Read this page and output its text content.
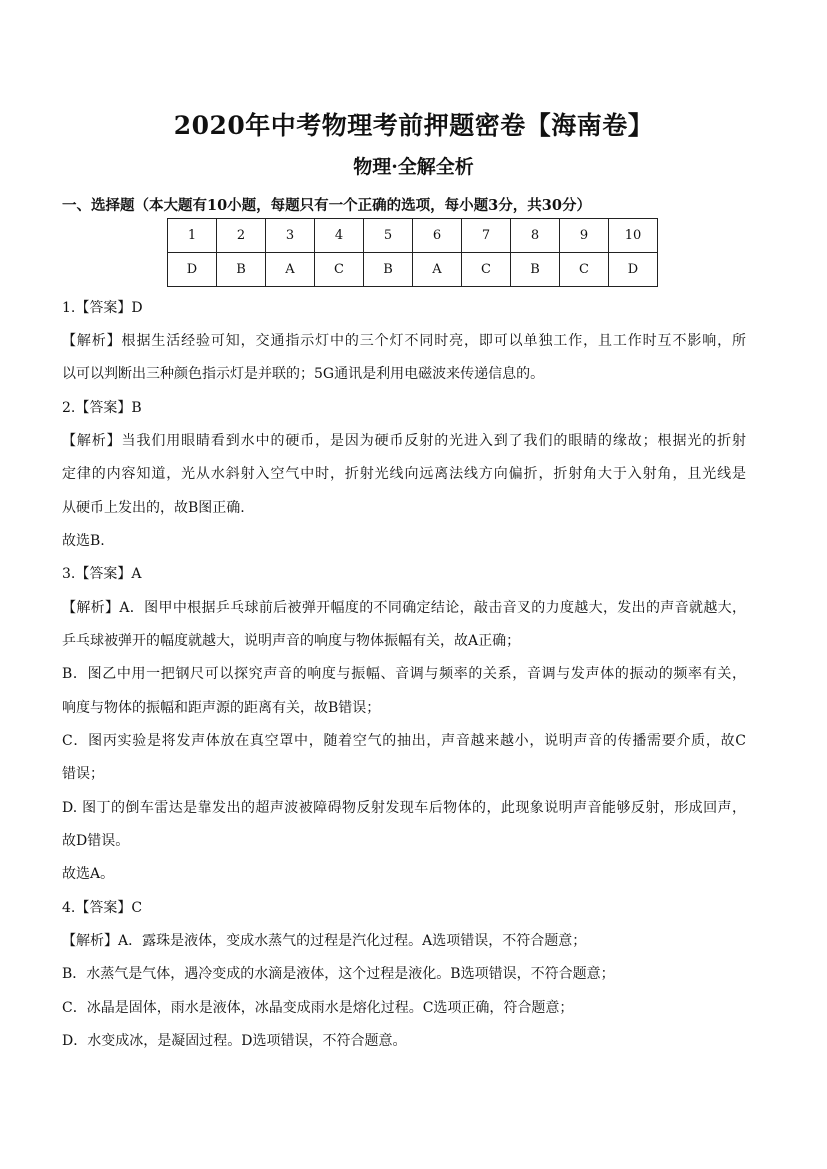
2020年中考物理考前押题密卷【海南卷】
物理·全解全析
一、选择题（本大题有10小题，每题只有一个正确的选项，每小题3分，共30分）
1	2	3	4	5	6	7	8	9	10
D	B	A	C	B	A	C	B	C	D
1.【答案】D
【解析】根据生活经验可知，交通指示灯中的三个灯不同时亮，即可以单独工作，且工作时互不影响，所
以可以判断出三种颜色指示灯是并联的；5G通讯是利用电磁波来传递信息的。
2.【答案】B
【解析】当我们用眼睛看到水中的硬币，是因为硬币反射的光进入到了我们的眼睛的缘故；根据光的折射
定律的内容知道，光从水斜射入空气中时，折射光线向远离法线方向偏折，折射角大于入射角，且光线是
从硬币上发出的，故B图正确.
故选B.
3.【答案】A
【解析】A．图甲中根据乒乓球前后被弹开幅度的不同确定结论，敲击音叉的力度越大，发出的声音就越大，
乒乓球被弹开的幅度就越大，说明声音的响度与物体振幅有关，故A正确；
B．图乙中用一把钢尺可以探究声音的响度与振幅、音调与频率的关系，音调与发声体的振动的频率有关，
响度与物体的振幅和距声源的距离有关，故B错误；
C．图丙实验是将发声体放在真空罩中，随着空气的抽出，声音越来越小，说明声音的传播需要介质，故C
错误；
D. 图丁的倒车雷达是靠发出的超声波被障碍物反射发现车后物体的，此现象说明声音能够反射，形成回声，
故D错误。
故选A。
4.【答案】C
【解析】A．露珠是液体，变成水蒸气的过程是汽化过程。A选项错误，不符合题意；
B．水蒸气是气体，遇冷变成的水滴是液体，这个过程是液化。B选项错误，不符合题意；
C．冰晶是固体，雨水是液体，冰晶变成雨水是熔化过程。C选项正确，符合题意；
D．水变成冰，是凝固过程。D选项错误，不符合题意。
